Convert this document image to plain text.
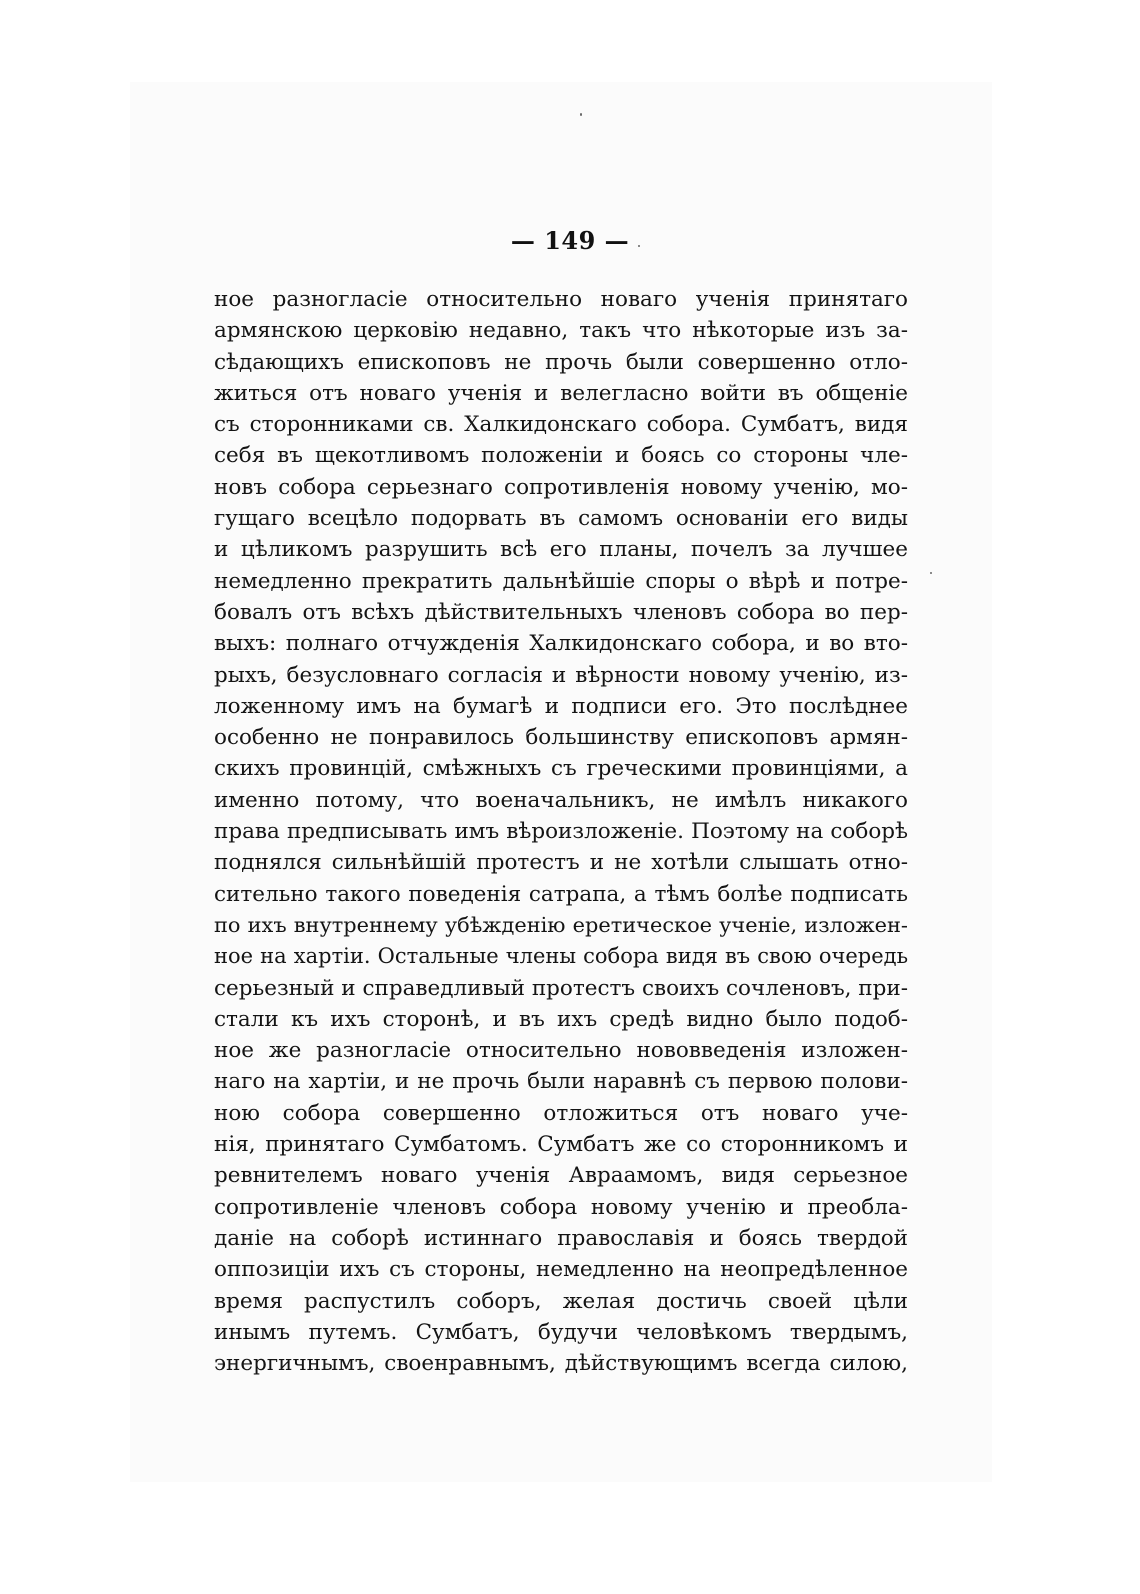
— 149 —
ное разногласіе относительно новаго ученія принятаго
армянскою церковію недавно, такъ что нѣкоторые изъ за-
сѣдающихъ епископовъ не прочь были совершенно отло-
житься отъ новаго ученія и велегласно войти въ общеніе
съ сторонниками св. Халкидонскаго собора. Сумбатъ, видя
себя въ щекотливомъ положеніи и боясь со стороны чле-
новъ собора серьезнаго сопротивленія новому ученію, мо-
гущаго всецѣло подорвать въ самомъ основаніи его виды
и цѣликомъ разрушить всѣ его планы, почелъ за лучшее
немедленно прекратить дальнѣйшіе споры о вѣрѣ и потре-
бовалъ отъ всѣхъ дѣйствительныхъ членовъ собора во пер-
выхъ: полнаго отчужденія Халкидонскаго собора, и во вто-
рыхъ, безусловнаго согласія и вѣрности новому ученію, из-
ложенному имъ на бумагѣ и подписи его. Это послѣднее
особенно не понравилось большинству епископовъ армян-
скихъ провинцій, смѣжныхъ съ греческими провинціями, а
именно потому, что военачальникъ, не имѣлъ никакого
права предписывать имъ вѣроизложеніе. Поэтому на соборѣ
поднялся сильнѣйшій протестъ и не хотѣли слышать отно-
сительно такого поведенія сатрапа, а тѣмъ болѣе подписать
по ихъ внутреннему убѣжденію еретическое ученіе, изложен-
ное на хартіи. Остальные члены собора видя въ свою очередь
серьезный и справедливый протестъ своихъ сочленовъ, при-
стали къ ихъ сторонѣ, и въ ихъ средѣ видно было подоб-
ное же разногласіе относительно нововведенія изложен-
наго на хартіи, и не прочь были наравнѣ съ первою полови-
ною собора совершенно отложиться отъ новаго уче-
нія, принятаго Сумбатомъ. Сумбатъ же со сторонникомъ и
ревнителемъ новаго ученія Авраамомъ, видя серьезное
сопротивленіе членовъ собора новому ученію и преобла-
даніе на соборѣ истиннаго православія и боясь твердой
оппозиціи ихъ съ стороны, немедленно на неопредѣленное
время распустилъ соборъ, желая достичь своей цѣли
инымъ путемъ. Сумбатъ, будучи человѣкомъ твердымъ,
энергичнымъ, своенравнымъ, дѣйствующимъ всегда силою,
